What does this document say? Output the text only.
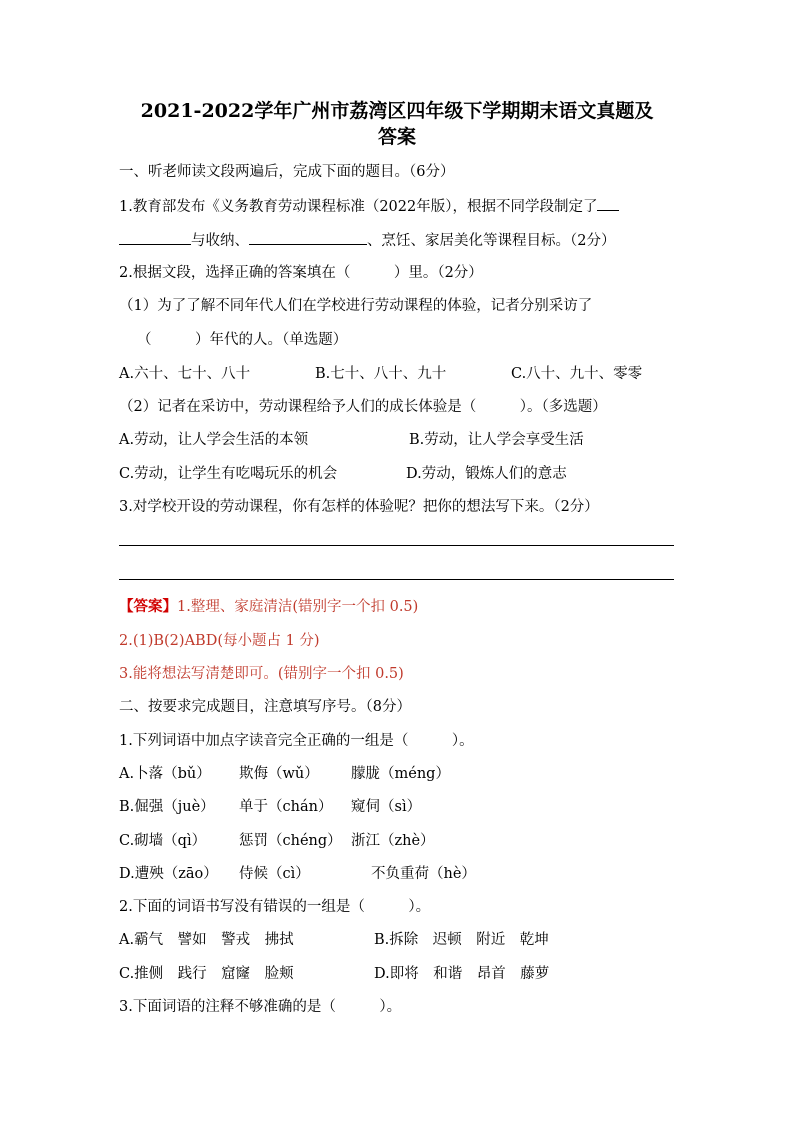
2021-2022学年广州市荔湾区四年级下学期期末语文真题及
答案
一、听老师读文段两遍后，完成下面的题目。（6分）
1.教育部发布《义务教育劳动课程标准（2022年版），根据不同学段制定了
与收纳、	、烹饪、家居美化等课程目标。（2分）
2.根据文段，选择正确的答案填在（　　　）里。（2分）
（1）为了了解不同年代人们在学校进行劳动课程的体验，记者分别采访了
（　　　）年代的人。（单选题）
A.六十、七十、八十	B.七十、八十、九十	C.八十、九十、零零
（2）记者在采访中，劳动课程给予人们的成长体验是（　　　）。（多选题）
A.劳动，让人学会生活的本领	B.劳动，让人学会享受生活
C.劳动，让学生有吃喝玩乐的机会	D.劳动，锻炼人们的意志
3.对学校开设的劳动课程，你有怎样的体验呢？把你的想法写下来。（2分）
【答案】1.整理、家庭清洁(错别字一个扣 0.5)
2.(1)B(2)ABD(每小题占 1 分)
3.能将想法写清楚即可。(错别字一个扣 0.5)
二、按要求完成题目，注意填写序号。（8分）
1.下列词语中加点字读音完全正确的一组是（　　　）。
A.卜落（bǔ） 欺侮（wǔ） 朦胧（méng）
B.倔强（juè） 单于（chán） 窥伺（sì）
C.砌墙（qì） 惩罚（chéng） 浙江（zhè）
D.遭殃（zāo） 侍候（cì）	不负重荷（hè）
2.下面的词语书写没有错误的一组是（　　　）。
A.霸气　譬如　警戎　拂拭	B.拆除　迟顿　附近　乾坤
C.推侧　践行　窟窿　脸颊	D.即将　和谐　昂首　藤萝
3.下面词语的注释不够准确的是（　　　）。
